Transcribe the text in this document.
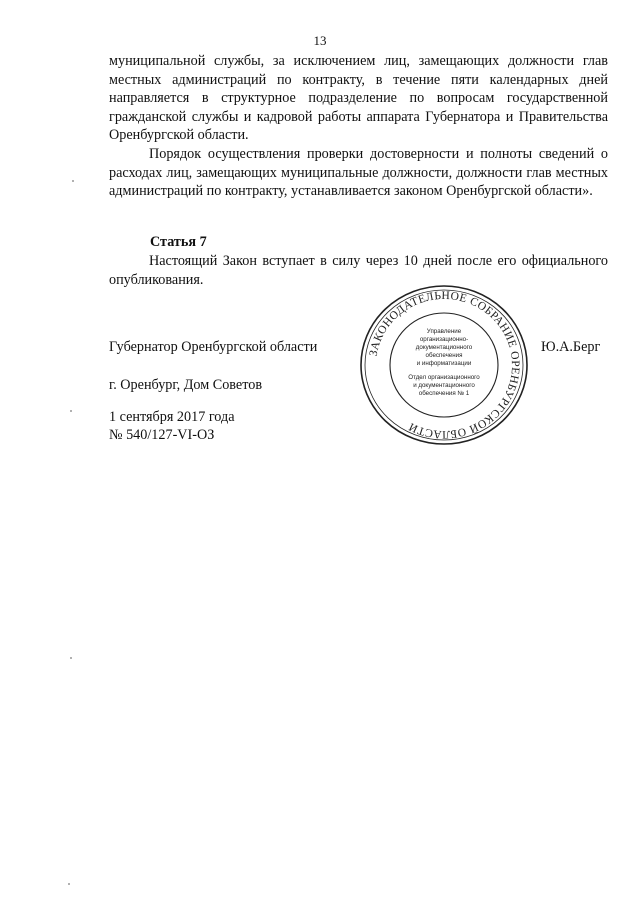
13

муниципальной службы, за исключением лиц, замещающих должности глав местных администраций по контракту, в течение пяти календарных дней направляется в структурное подразделение по вопросам государственной гражданской службы и кадровой работы аппарата Губернатора и Правительства Оренбургской области.

Порядок осуществления проверки достоверности и полноты сведений о расходах лиц, замещающих муниципальные должности, должности глав местных администраций по контракту, устанавливается законом Оренбургской области».

Статья 7

Настоящий Закон вступает в силу через 10 дней после его официального опубликования.

Губернатор Оренбургской области	Ю.А.Берг

г. Оренбург, Дом Советов

1 сентября 2017 года

№ 540/127-VI-ОЗ

ЗАКОНОДАТЕЛЬНОЕ СОБРАНИЕ ОРЕНБУРГСКОЙ ОБЛАСТИ
Управление
организационно-
документационного
обеспечения
и информатизации
Отдел организационного
и документационного
обеспечения № 1
